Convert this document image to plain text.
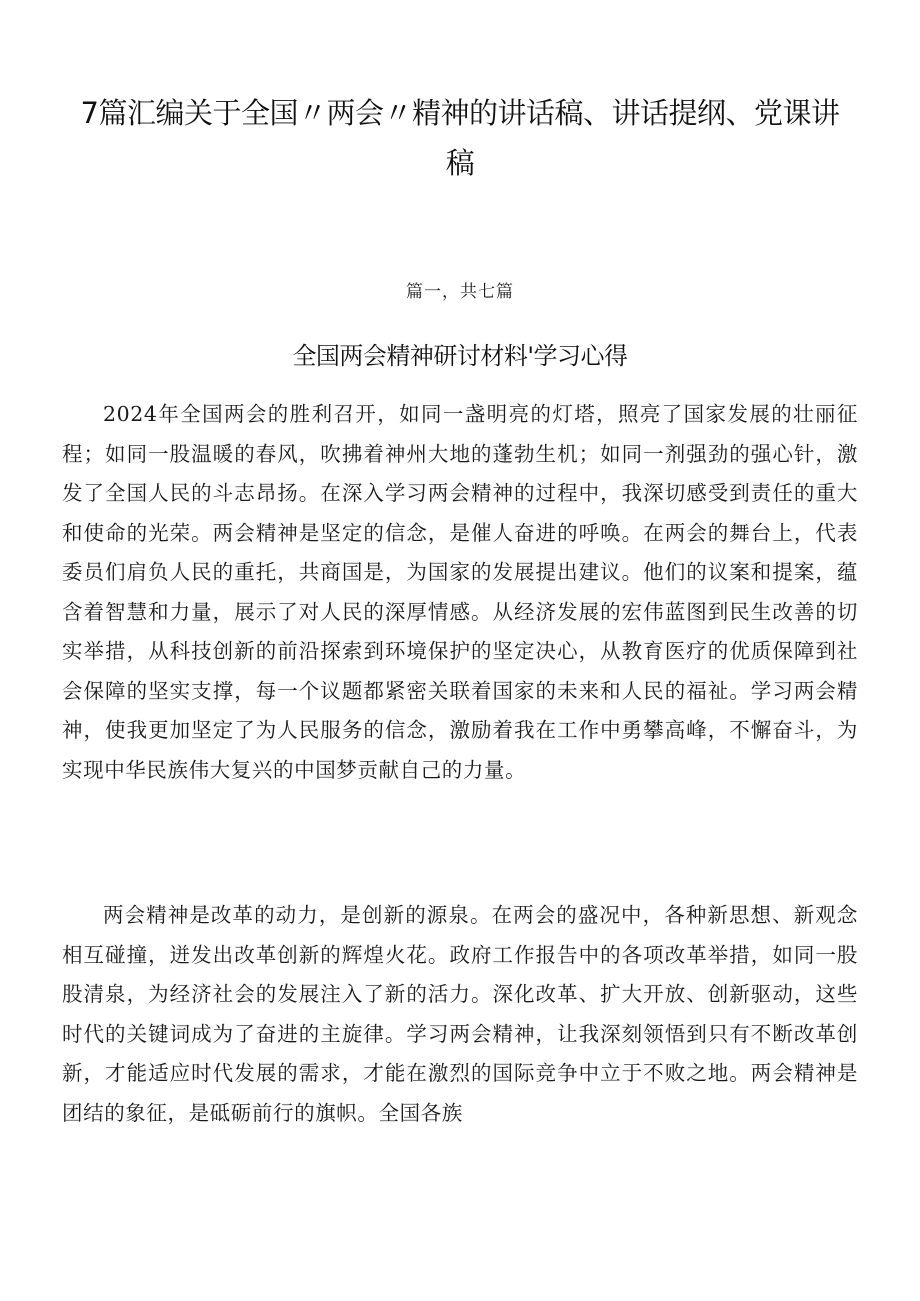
7篇汇编关于全国〃两会〃精神的讲话稿、讲话提纲、党课讲稿

篇一，共七篇

全国两会精神研讨材料'学习心得

2024年全国两会的胜利召开，如同一盏明亮的灯塔，照亮了国家发展的壮丽征程；如同一股温暖的春风，吹拂着神州大地的蓬勃生机；如同一剂强劲的强心针，激发了全国人民的斗志昂扬。在深入学习两会精神的过程中，我深切感受到责任的重大和使命的光荣。两会精神是坚定的信念，是催人奋进的呼唤。在两会的舞台上，代表委员们肩负人民的重托，共商国是，为国家的发展提出建议。他们的议案和提案，蕴含着智慧和力量，展示了对人民的深厚情感。从经济发展的宏伟蓝图到民生改善的切实举措，从科技创新的前沿探索到环境保护的坚定决心，从教育医疗的优质保障到社会保障的坚实支撑，每一个议题都紧密关联着国家的未来和人民的福祉。学习两会精神，使我更加坚定了为人民服务的信念，激励着我在工作中勇攀高峰，不懈奋斗，为实现中华民族伟大复兴的中国梦贡献自己的力量。

两会精神是改革的动力，是创新的源泉。在两会的盛况中，各种新思想、新观念相互碰撞，迸发出改革创新的辉煌火花。政府工作报告中的各项改革举措，如同一股股清泉，为经济社会的发展注入了新的活力。深化改革、扩大开放、创新驱动，这些时代的关键词成为了奋进的主旋律。学习两会精神，让我深刻领悟到只有不断改革创新，才能适应时代发展的需求，才能在激烈的国际竞争中立于不败之地。两会精神是团结的象征，是砥砺前行的旗帜。全国各族
